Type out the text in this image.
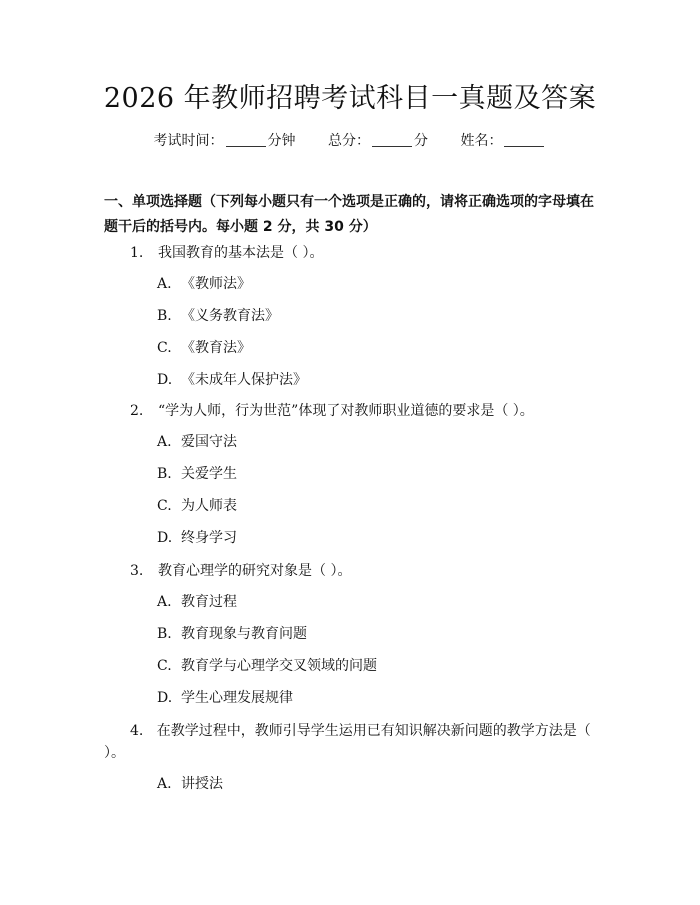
2026 年教师招聘考试科目一真题及答案
考试时间：	分钟 总分：	分 姓名：
一、单项选择题（下列每小题只有一个选项是正确的，请将正确选项的字母填在题干后的括号内。每小题 2 分，共 30 分）
1. 我国教育的基本法是（ ）。
A. 《教师法》
B. 《义务教育法》
C. 《教育法》
D. 《未成年人保护法》
2. “学为人师，行为世范”体现了对教师职业道德的要求是（ ）。
A. 爱国守法
B. 关爱学生
C. 为人师表
D. 终身学习
3. 教育心理学的研究对象是（ ）。
A. 教育过程
B. 教育现象与教育问题
C. 教育学与心理学交叉领域的问题
D. 学生心理发展规律
4. 在教学过程中，教师引导学生运用已有知识解决新问题的教学方法是（ ）。
A. 讲授法
